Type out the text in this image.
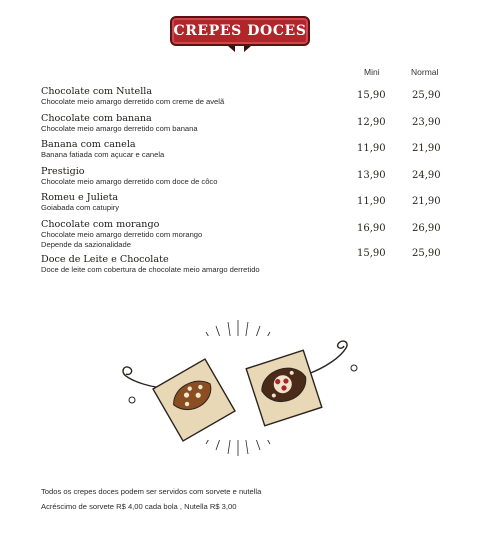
CREPES DOCES
Mini	Normal
Chocolate com Nutella
Chocolate meio amargo derretido com creme de avelã
15,90	25,90
Chocolate com banana
Chocolate meio amargo derretido com banana
12,90	23,90
Banana com canela
Banana fatiada com açucar e canela
11,90	21,90
Prestigio
Chocolate meio amargo derretido com doce de côco
13,90	24,90
Romeu e Julieta
Goiabada com catupiry
11,90	21,90
Chocolate com morango
Chocolate meio amargo derretido com morango
Depende da sazionalidade
16,90	26,90
Doce de Leite e Chocolate
Doce de leite com cobertura de chocolate meio amargo derretido
15,90	25,90
Todos os crepes doces podem ser servidos com sorvete e nutella
Acréscimo de sorvete R$ 4,00 cada bola , Nutella R$ 3,00
